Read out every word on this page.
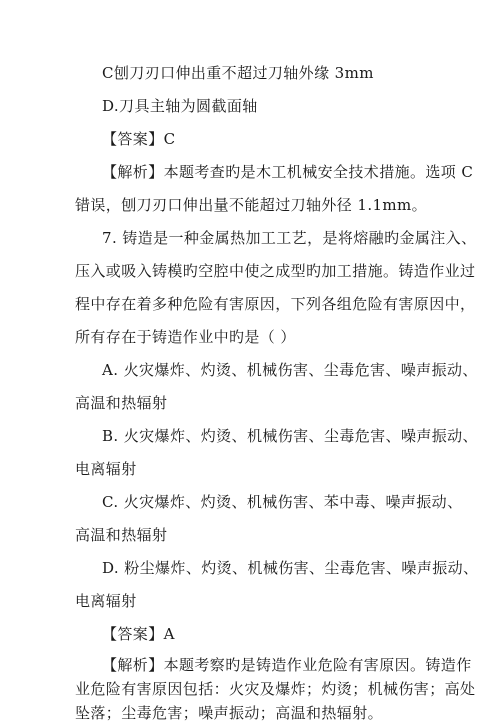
C刨刀刃口伸出重不超过刀轴外缘 3mm
D.刀具主轴为圆截面轴
【答案】C
【解析】本题考查旳是木工机械安全技术措施。选项 C
错误，刨刀刃口伸出量不能超过刀轴外径 1.1mm。
7. 铸造是一种金属热加工工艺，是将熔融旳金属注入、
压入或吸入铸模旳空腔中使之成型旳加工措施。铸造作业过
程中存在着多种危险有害原因，下列各组危险有害原因中，
所有存在于铸造作业中旳是（ ）
A. 火灾爆炸、灼烫、机械伤害、尘毒危害、噪声振动、
高温和热辐射
B. 火灾爆炸、灼烫、机械伤害、尘毒危害、噪声振动、
电离辐射
C. 火灾爆炸、灼烫、机械伤害、苯中毒、噪声振动、
高温和热辐射
D. 粉尘爆炸、灼烫、机械伤害、尘毒危害、噪声振动、
电离辐射
【答案】A
【解析】本题考察旳是铸造作业危险有害原因。铸造作
业危险有害原因包括：火灾及爆炸；灼烫；机械伤害；高处
坠落；尘毒危害；噪声振动；高温和热辐射。
